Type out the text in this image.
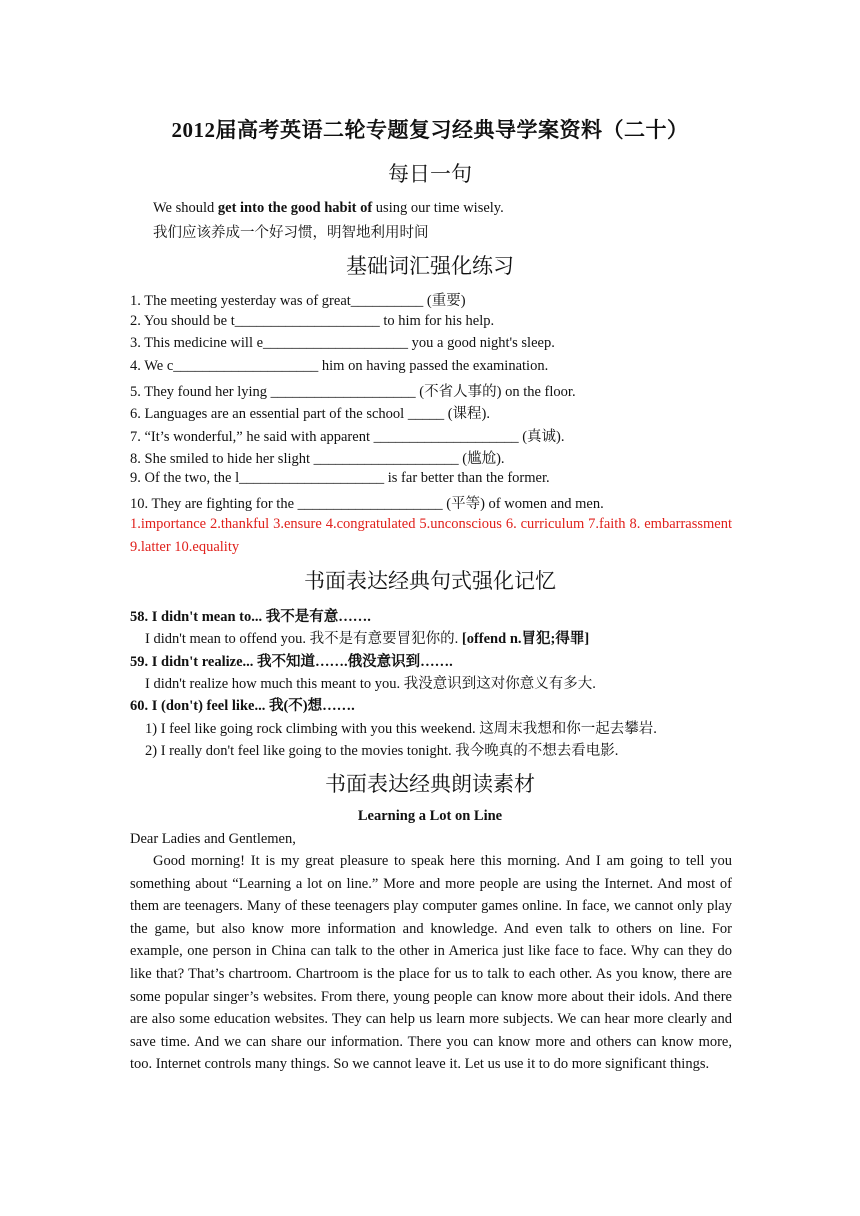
2012届高考英语二轮专题复习经典导学案资料（二十）
每日一句
We should get into the good habit of using our time wisely.
我们应该养成一个好习惯，明智地利用时间
基础词汇强化练习
1. The meeting yesterday was of great__________ (重要)
2. You should be t____________________ to him for his help.
3. This medicine will e____________________ you a good night's sleep.
4. We c____________________ him on having passed the examination.
5. They found her lying ____________________ (不省人事的) on the floor.
6. Languages are an essential part of the school _____ (课程).
7. “It’s wonderful,” he said with apparent ____________________ (真诚).
8. She smiled to hide her slight ____________________ (尴尬).
9. Of the two, the l____________________ is far better than the former.
10. They are fighting for the ____________________ (平等) of women and men.
1.importance 2.thankful 3.ensure 4.congratulated 5.unconscious 6. curriculum 7.faith 8. embarrassment 9.latter 10.equality
书面表达经典句式强化记忆
58. I didn't mean to... 我不是有意…….
I didn't mean to offend you. 我不是有意要冒犯你的. [offend n.冒犯;得罪]
59. I didn't realize... 我不知道…….俄没意识到…….
I didn't realize how much this meant to you. 我没意识到这对你意义有多大.
60. I (don't) feel like... 我(不)想…….
1) I feel like going rock climbing with you this weekend. 这周末我想和你一起去攀岩.
2) I really don't feel like going to the movies tonight. 我今晚真的不想去看电影.
书面表达经典朗读素材
Learning a Lot on Line
Dear Ladies and Gentlemen,

Good morning! It is my great pleasure to speak here this morning. And I am going to tell you something about “Learning a lot on line.” More and more people are using the Internet. And most of them are teenagers. Many of these teenagers play computer games online. In face, we cannot only play the game, but also know more information and knowledge. And even talk to others on line. For example, one person in China can talk to the other in America just like face to face. Why can they do like that? That’s chartroom. Chartroom is the place for us to talk to each other. As you know, there are some popular singer’s websites. From there, young people can know more about their idols. And there are also some education websites. They can help us learn more subjects. We can hear more clearly and save time. And we can share our information. There you can know more and others can know more, too. Internet controls many things. So we cannot leave it. Let us use it to do more significant things.
